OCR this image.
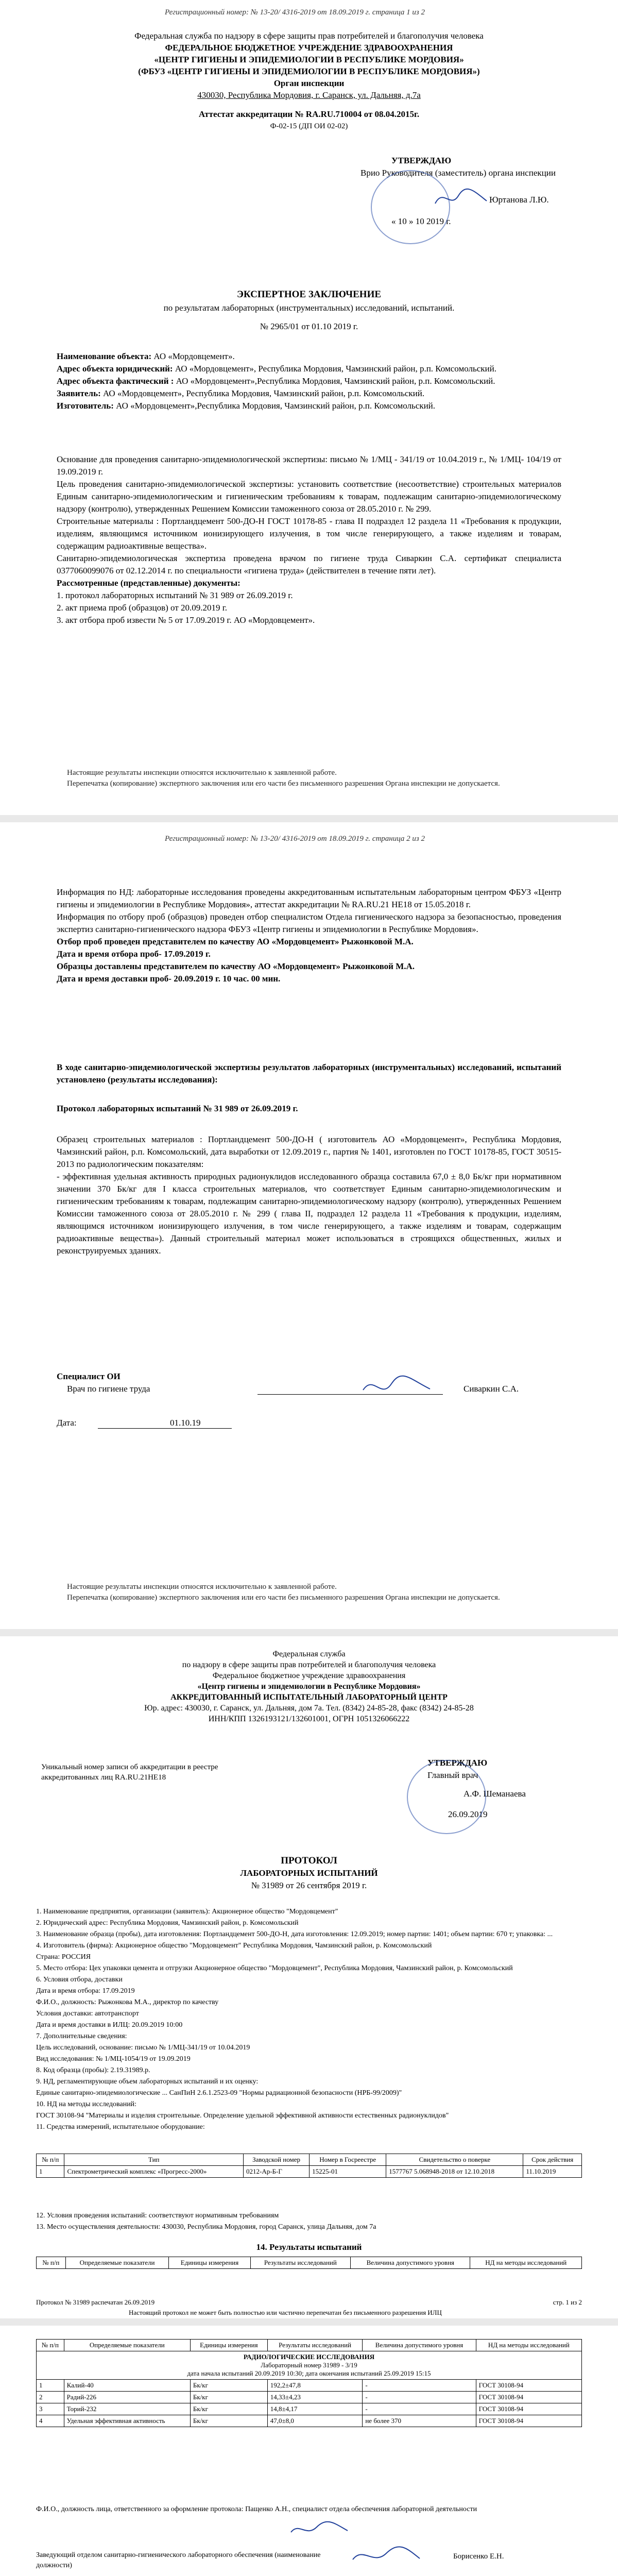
Регистрационный номер: № 13-20/ 4316-2019 от 18.09.2019 г. страница 1 из 2
Федеральная служба по надзору в сфере защиты прав потребителей и благополучия человека
ФЕДЕРАЛЬНОЕ БЮДЖЕТНОЕ УЧРЕЖДЕНИЕ ЗДРАВООХРАНЕНИЯ
«ЦЕНТР ГИГИЕНЫ И ЭПИДЕМИОЛОГИИ В РЕСПУБЛИКЕ МОРДОВИЯ»
(ФБУЗ «ЦЕНТР ГИГИЕНЫ И ЭПИДЕМИОЛОГИИ В РЕСПУБЛИКЕ МОРДОВИЯ»)
Орган инспекции
430030, Республика Мордовия, г. Саранск, ул. Дальняя, д.7а
Аттестат аккредитации № RA.RU.710004 от 08.04.2015г.
Ф-02-15 (ДП ОИ 02-02)
УТВЕРЖДАЮ
Врио Руководителя (заместитель) органа инспекции
Юртанова Л.Ю.
« 10 » 10 2019 г.
ЭКСПЕРТНОЕ ЗАКЛЮЧЕНИЕ
по результатам лабораторных (инструментальных) исследований, испытаний.
№ 2965/01 от 01.10 2019 г.
Наименование объекта: АО «Мордовцемент».
Адрес объекта юридический: АО «Мордовцемент», Республика Мордовия, Чамзинский район, р.п. Комсомольский.
Адрес объекта фактический : АО «Мордовцемент»,Республика Мордовия, Чамзинский район, р.п. Комсомольский.
Заявитель: АО «Мордовцемент», Республика Мордовия, Чамзинский район, р.п. Комсомольский.
Изготовитель: АО «Мордовцемент»,Республика Мордовия, Чамзинский район, р.п. Комсомольский.
Основание для проведения санитарно-эпидемиологической экспертизы: письмо № 1/МЦ - 341/19 от 10.04.2019 г., № 1/МЦ- 104/19 от 19.09.2019 г.
Цель проведения санитарно-эпидемиологической экспертизы: установить соответствие (несоответствие) строительных материалов Единым санитарно-эпидемиологическим и гигиеническим требованиям к товарам, подлежащим санитарно-эпидемиологическому надзору (контролю), утвержденных Решением Комиссии таможенного союза от 28.05.2010 г. № 299.
Строительные материалы : Портландцемент 500-ДО-Н ГОСТ 10178-85 - глава II подраздел 12 раздела 11 «Требования к продукции, изделиям, являющимся источником ионизирующего излучения, в том числе генерирующего, а также изделиям и товарам, содержащим радиоактивные вещества».
Санитарно-эпидемиологическая экспертиза проведена врачом по гигиене труда Сиваркин С.А. сертификат специалиста 0377060099076 от 02.12.2014 г. по специальности «гигиена труда» (действителен в течение пяти лет).
Рассмотренные (представленные) документы:
1. протокол лабораторных испытаний № 31 989 от 26.09.2019 г.
2. акт приема проб (образцов) от 20.09.2019 г.
3. акт отбора проб извести № 5 от 17.09.2019 г. АО «Мордовцемент».
Настоящие результаты инспекции относятся исключительно к заявленной работе.
Перепечатка (копирование) экспертного заключения или его части без письменного разрешения Органа инспекции не допускается.
Регистрационный номер: № 13-20/ 4316-2019 от 18.09.2019 г. страница 2 из 2
Информация по НД: лабораторные исследования проведены аккредитованным испытательным лабораторным центром ФБУЗ «Центр гигиены и эпидемиологии в Республике Мордовия», аттестат аккредитации № RA.RU.21 НЕ18 от 15.05.2018 г.
Информация по отбору проб (образцов) проведен отбор специалистом Отдела гигиенического надзора за безопасностью, проведения экспертиз санитарно-гигиенического надзора ФБУЗ «Центр гигиены и эпидемиологии в Республике Мордовия».
Отбор проб проведен представителем по качеству АО «Мордовцемент» Рыжонковой М.А.
Дата и время отбора проб- 17.09.2019 г.
Образцы доставлены представителем по качеству АО «Мордовцемент» Рыжонковой М.А.
Дата и время доставки проб- 20.09.2019 г. 10 час. 00 мин.
В ходе санитарно-эпидемиологической экспертизы результатов лабораторных (инструментальных) исследований, испытаний установлено (результаты исследования):
Протокол лабораторных испытаний № 31 989 от 26.09.2019 г.
Образец строительных материалов : Портландцемент 500-ДО-Н ( изготовитель АО «Мордовцемент», Республика Мордовия, Чамзинский район, р.п. Комсомольский, дата выработки от 12.09.2019 г., партия № 1401, изготовлен по ГОСТ 10178-85, ГОСТ 30515-2013 по радиологическим показателям:
- эффективная удельная активность природных радионуклидов исследованного образца составила 67,0 ± 8,0 Бк/кг при нормативном значении 370 Бк/кг для I класса строительных материалов, что соответствует Единым санитарно-эпидемиологическим и гигиеническим требованиям к товарам, подлежащим санитарно-эпидемиологическому надзору (контролю), утвержденных Решением Комиссии таможенного союза от 28.05.2010 г. № 299 ( глава II, подраздел 12 раздела 11 «Требования к продукции, изделиям, являющимся источником ионизирующего излучения, в том числе генерирующего, а также изделиям и товарам, содержащим радиоактивные вещества»). Данный строительный материал может использоваться в строящихся общественных, жилых и реконструируемых зданиях.
Специалист ОИ
Врач по гигиене труда	Сиваркин С.А.
Дата:	01.10.19
Настоящие результаты инспекции относятся исключительно к заявленной работе.
Перепечатка (копирование) экспертного заключения или его части без письменного разрешения Органа инспекции не допускается.
Федеральная служба
по надзору в сфере защиты прав потребителей и благополучия человека
Федеральное бюджетное учреждение здравоохранения
«Центр гигиены и эпидемиологии в Республике Мордовия»
АККРЕДИТОВАННЫЙ ИСПЫТАТЕЛЬНЫЙ ЛАБОРАТОРНЫЙ ЦЕНТР
Юр. адрес: 430030, г. Саранск, ул. Дальняя, дом 7а. Тел. (8342) 24-85-28, факс (8342) 24-85-28
ИНН/КПП 1326193121/132601001, ОГРН 1051326066222
Уникальный номер записи об аккредитации в реестре аккредитованных лиц RA.RU.21НЕ18
УТВЕРЖДАЮ
Главный врач
А.Ф. Шеманаева
26.09.2019
ПРОТОКОЛ
ЛАБОРАТОРНЫХ ИСПЫТАНИЙ
№ 31989 от 26 сентября 2019 г.
1. Наименование предприятия, организации (заявитель): Акционерное общество "Мордовцемент"
2. Юридический адрес: Республика Мордовия, Чамзинский район, р. Комсомольский
3. Наименование образца (пробы), дата изготовления: Портландцемент 500-ДО-Н, дата изготовления: 12.09.2019; номер партии: 1401; объем партии: 670 т; упаковка: ...
4. Изготовитель (фирма): Акционерное общество "Мордовцемент" Республика Мордовия, Чамзинский район, р. Комсомольский
Страна: РОССИЯ
5. Место отбора: Цех упаковки цемента и отгрузки Акционерное общество "Мордовцемент", Республика Мордовия, Чамзинский район, р. Комсомольский
6. Условия отбора, доставки
Дата и время отбора: 17.09.2019
Ф.И.О., должность: Рыжонкова М.А., директор по качеству
Условия доставки: автотранспорт
Дата и время доставки в ИЛЦ: 20.09.2019 10:00
7. Дополнительные сведения:
Цель исследований, основание: письмо № 1/МЦ-341/19 от 10.04.2019
Вид исследования: № 1/МЦ-1054/19 от 19.09.2019
8. Код образца (пробы): 2.19.31989.р.
9. НД, регламентирующие объем лабораторных испытаний и их оценку:
Единые санитарно-эпидемиологические ... СанПиН 2.6.1.2523-09 "Нормы радиационной безопасности (НРБ-99/2009)"
10. НД на методы исследований:
ГОСТ 30108-94 "Материалы и изделия строительные. Определение удельной эффективной активности естественных радионуклидов"
11. Средства измерений, испытательное оборудование:
№ п/п	Тип	Заводской номер	Номер в Госреестре	Свидетельство о поверке	Срок действия
1	Спектрометрический комплекс «Прогресс-2000»	0212-Ар-Б-Г	15225-01	1577767 5.068948-2018 от 12.10.2018	11.10.2019
12. Условия проведения испытаний: соответствуют нормативным требованиям
13. Место осуществления деятельности: 430030, Республика Мордовия, город Саранск, улица Дальняя, дом 7а
14. Результаты испытаний
№ п/п	Определяемые показатели	Единицы измерения	Результаты исследований	Величина допустимого уровня	НД на методы исследований
Протокол № 31989 распечатан 26.09.2019
Настоящий протокол не может быть полностью или частично перепечатан без письменного разрешения ИЛЦ
стр. 1 из 2
№ п/п	Определяемые показатели	Единицы измерения	Результаты исследований	Величина допустимого уровня	НД на методы исследований

РАДИОЛОГИЧЕСКИЕ ИССЛЕДОВАНИЯ
Лабораторный номер 31989 - 3/19
дата начала испытаний 20.09.2019 10:30; дата окончания испытаний 25.09.2019 15:15					

1	Калий-40	Бк/кг	192,2±47,8	-	ГОСТ 30108-94
2	Радий-226	Бк/кг	14,33±4,23	-	ГОСТ 30108-94
3	Торий-232	Бк/кг	14,8±4,17	-	ГОСТ 30108-94
4	Удельная эффективная активность	Бк/кг	47,0±8,0	не более 370	ГОСТ 30108-94
Ф.И.О., должность лица, ответственного за оформление протокола: Пащенко А.Н., специалист отдела обеспечения лабораторной деятельности
Заведующий отделом санитарно-гигиенического лабораторного обеспечения (наименование должности)
Борисенко Е.Н.
